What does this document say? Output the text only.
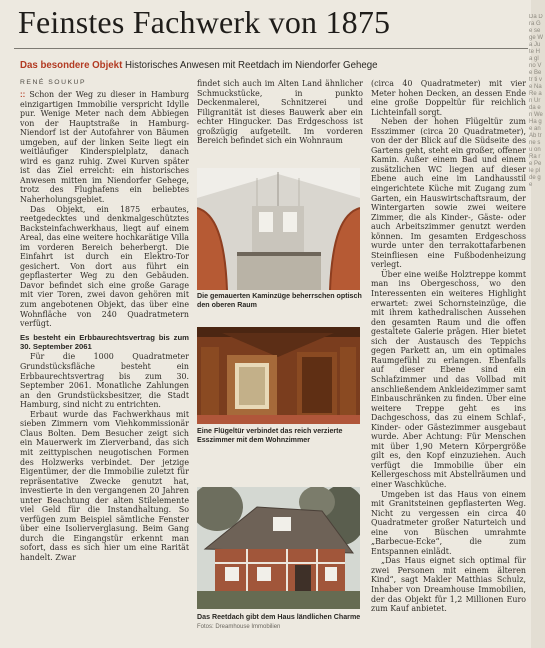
Feinstes Fachwerk von 1875
Das besondere Objekt Historisches Anwesen mit Reetdach im Niendorfer Gehege
RENÉ SOUKUP

:: Schon der Weg zu dieser in Hamburg einzigartigen Immobilie verspricht Idylle pur. Wenige Meter nach dem Abbiegen von der Hauptstraße in Hamburg-Niendorf ist der Autofahrer von Bäumen umgeben, auf der linken Seite liegt ein weitläufiger Kinderspielplatz, danach wird es ganz ruhig. Zwei Kurven später ist das Ziel erreicht: ein historisches Anwesen mitten im Niendorfer Gehege, trotz des Flughafens ein beliebtes Naherholungsgebiet.

Das Objekt, ein 1875 erbautes, reetgedecktes und denkmalgeschütztes Backsteinfachwerkhaus, liegt auf einem Areal, das eine weitere hochkarätige Villa im vorderen Bereich beherbergt. Die Einfahrt ist durch ein Elektro-Tor gesichert. Von dort aus führt ein gepflasterter Weg zu den Gebäuden. Davor befindet sich eine große Garage mit vier Toren, zwei davon gehören mit zum angebotenen Objekt, das über eine Wohnfläche von 240 Quadratmetern verfügt.

Es besteht ein Erbbaurechtsvertrag bis zum 30. September 2061

Für die 1000 Quadratmeter Grundstücksfläche besteht ein Erbbaurechtsvertrag bis zum 30. September 2061. Monatliche Zahlungen an den Grundstücksbesitzer, die Stadt Hamburg, sind nicht zu entrichten.

Erbaut wurde das Fachwerkhaus mit sieben Zimmern vom Viehkommissionär Claus Bolten. Dem Besucher zeigt sich ein Mauerwerk im Zierverband, das sich mit zeittypischen neugotischen Formen des Holzwerks verbindet. Der jetzige Eigentümer, der die Immobilie zuletzt für repräsentative Zwecke genutzt hat, investierte in den vergangenen 20 Jahren unter Beachtung der alten Stilelemente viel Geld für die Instandhaltung. So verfügen zum Beispiel sämtliche Fenster über eine Isolierverglasung. Beim Gang durch die Eingangstür erkennt man sofort, dass es sich hier um eine Rarität handelt. Zwar

findet sich auch im Alten Land ähnlicher Schmuckstücke, in punkto Deckenmalerei, Schnitzerei und Filigranität ist dieses Bauwerk aber ein echter Hingucker. Das Erdgeschoss ist großzügig aufgeteilt. Im vorderen Bereich befindet sich ein Wohnraum

Die gemauerten Kaminzüge beherrschen optisch den oberen Raum
Eine Flügeltür verbindet das reich verzierte Esszimmer mit dem Wohnzimmer
Das Reetdach gibt dem Haus ländlichen Charme Fotos: Dreamhouse Immobilien

(circa 40 Quadratmeter) mit vier Meter hohen Decken, an dessen Ende eine große Doppeltür für reichlich Lichteinfall sorgt.

Neben der hohen Flügeltür zum Esszimmer (circa 20 Quadratmeter), von der der Blick auf die Südseite des Gartens geht, steht ein großer, offener Kamin. Außer einem Bad und einem zusätzlichen WC liegen auf dieser Ebene auch eine im Landhausstil eingerichtete Küche mit Zugang zum Garten, ein Hauswirtschaftsraum, der Wintergarten sowie zwei weitere Zimmer, die als Kinder-, Gäste- oder auch Arbeitszimmer genutzt werden können. Im gesamten Erdgeschoss wurde unter den terrakottafarbenen Steinfliesen eine Fußbodenheizung verlegt.

Über eine weiße Holztreppe kommt man ins Obergeschoss, wo den Interessenten ein weiteres Highlight erwartet: zwei Schornsteinzüge, die mit ihrem kathedralischen Aussehen den gesamten Raum und die offen gestaltete Galerie prägen. Hier bietet sich der Austausch des Teppichs gegen Parkett an, um ein optimales Raumgefühl zu erlangen. Ebenfalls auf dieser Ebene sind ein Schlafzimmer und das Vollbad mit anschließendem Ankleidezimmer samt Einbauschränken zu finden. Über eine weitere Treppe geht es ins Dachgeschoss, das zu einem Schlaf-, Kinder- oder Gästezimmer ausgebaut wurde. Aber Achtung: Für Menschen mit über 1,90 Metern Körpergröße gilt es, den Kopf einzuziehen. Auch verfügt die Immobilie über ein Kellergeschoss mit Abstellräumen und einer Waschküche.

Umgeben ist das Haus von einem mit Granitsteinen gepflasterten Weg. Nicht zu vergessen ein circa 40 Quadratmeter großer Naturteich und eine von Büschen umrahmte „Barbecue-Ecke“, die zum Entspannen einlädt.

„Das Haus eignet sich optimal für zwei Personen mit einem älteren Kind“, sagt Makler Matthias Schulz, Inhaber von Dreamhouse Immobilien, der das Objekt für 1,2 Millionen Euro zum Kauf anbietet.

Da Dra Ge se ge Wa Ju te Ha gl no Ve Be tr ti ve Na Re an Ur da en We Ha ge an Ab tr ne su on Ra re Pe le pl de ge
